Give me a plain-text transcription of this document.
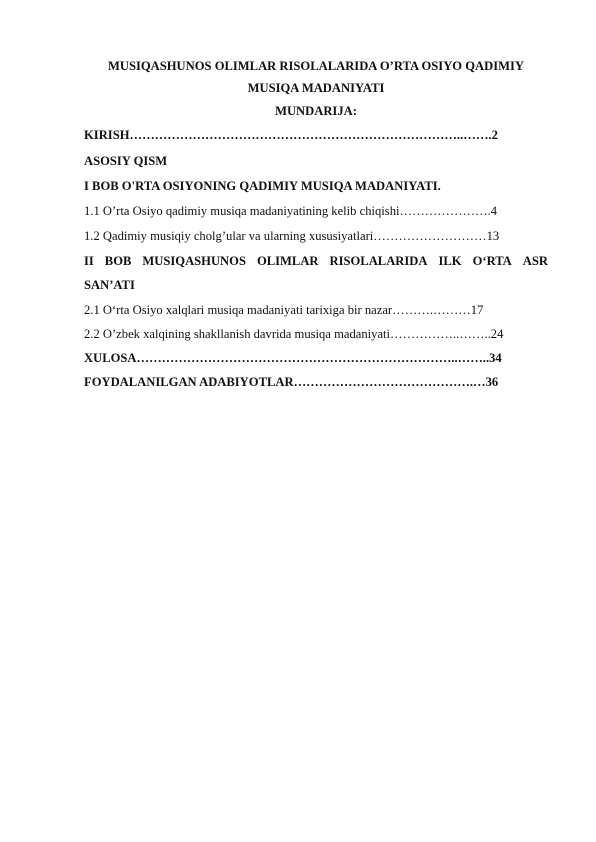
MUSIQASHUNOS OLIMLAR RISOLALARIDA O’RTA OSIYO QADIMIY
MUSIQA MADANIYATI
MUNDARIJA:
KIRISH……………………………………………………………………..…….2
ASOSIY QISM
I BOB O'RTA OSIYONING QADIMIY MUSIQA MADANIYATI.
1.1 O’rta Osiyo qadimiy musiqa madaniyatining kelib chiqishi………………….4
1.2 Qadimiy musiqiy cholg’ular va ularning xususiyatlari………………………13
II BOB MUSIQASHUNOS OLIMLAR RISOLALARIDA ILK O‘RTA ASR
SAN’ATI
2.1 O‘rta Osiyo xalqlari musiqa madaniyati tarixiga bir nazar……….………17
2.2 O’zbek xalqining shakllanish davrida musiqa madaniyati……………..……..24
XULOSA…………………………………………………………………..……..34
FOYDALANILGAN ADABIYOTLAR…………………………………….…36
